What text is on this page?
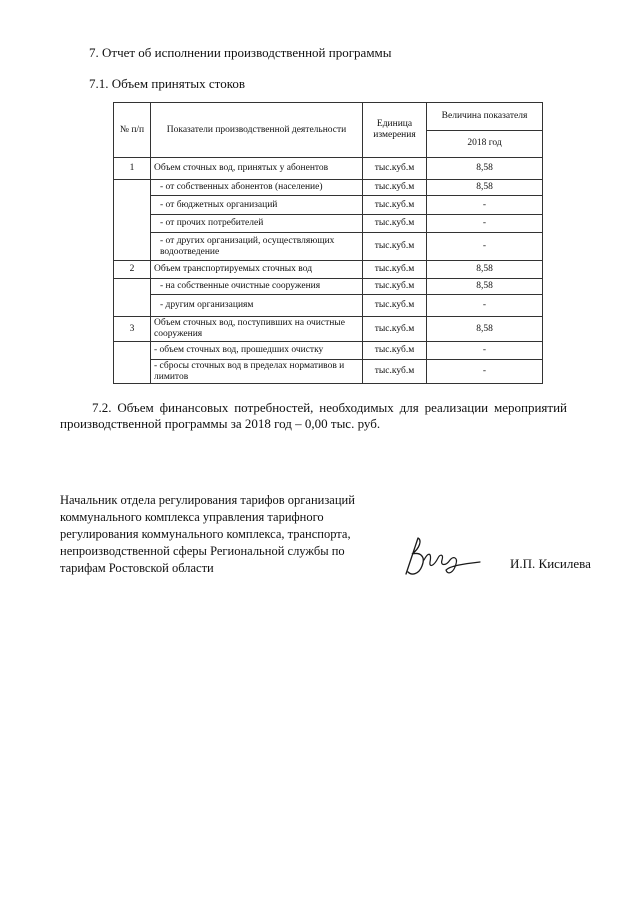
7. Отчет об исполнении производственной программы
7.1. Объем принятых стоков
№ п/п	Показатели производственной деятельности	Единица измерения	Величина показателя
			2018 год
1	Объем сточных вод, принятых у абонентов	тыс.куб.м	8,58
	- от собственных абонентов (население)	тыс.куб.м	8,58
	- от бюджетных организаций	тыс.куб.м	-
	- от прочих потребителей	тыс.куб.м	-
	- от других организаций, осуществляющих водоотведение	тыс.куб.м	-
2	Объем транспортируемых сточных вод	тыс.куб.м	8,58
	- на собственные очистные сооружения	тыс.куб.м	8,58
	- другим организациям	тыс.куб.м	-
3	Объем сточных вод, поступивших на очистные сооружения	тыс.куб.м	8,58
	- объем сточных вод, прошедших очистку	тыс.куб.м	-
	- сбросы сточных вод в пределах нормативов и лимитов	тыс.куб.м	-
7.2. Объем финансовых потребностей, необходимых для реализации мероприятий производственной программы за 2018 год – 0,00 тыс. руб.
Начальник отдела регулирования тарифов организаций
коммунального комплекса управления тарифного
регулирования коммунального комплекса, транспорта,
непроизводственной сферы Региональной службы по
тарифам Ростовской области	И.П. Кисилева
